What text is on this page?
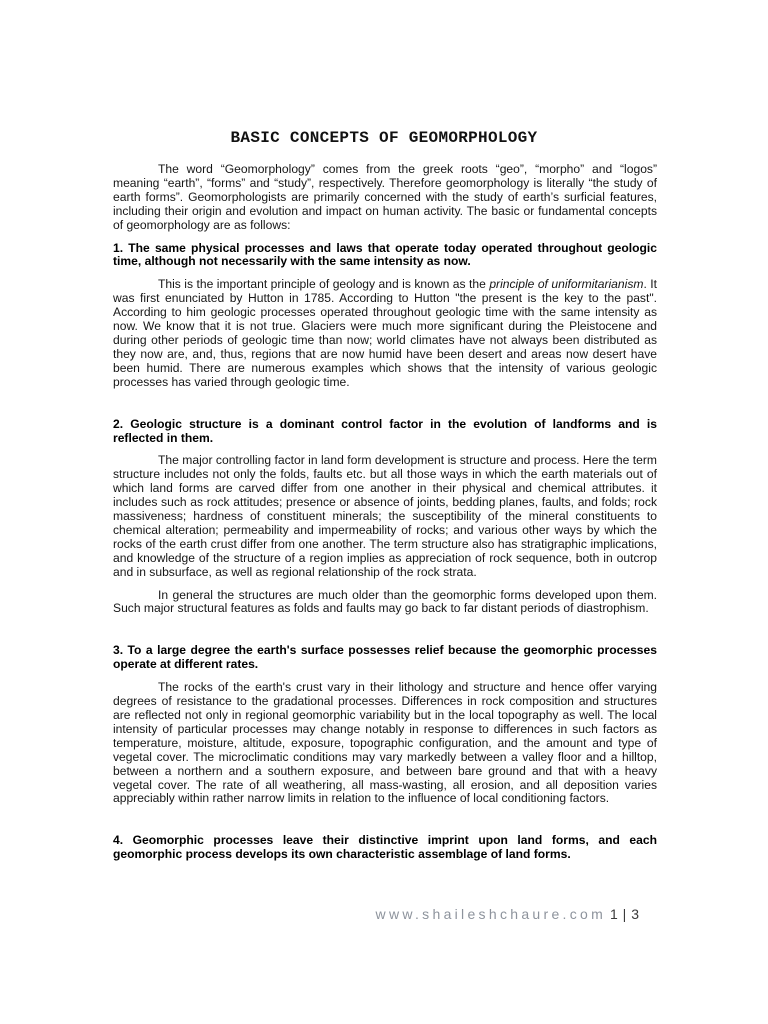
BASIC CONCEPTS OF GEOMORPHOLOGY

The word “Geomorphology” comes from the greek roots “geo”, “morpho” and “logos” meaning “earth”, “forms” and “study”, respectively. Therefore geomorphology is literally “the study of earth forms”. Geomorphologists are primarily concerned with the study of earth’s surficial features, including their origin and evolution and impact on human activity. The basic or fundamental concepts of geomorphology are as follows:

1. The same physical processes and laws that operate today operated throughout geologic time, although not necessarily with the same intensity as now.

This is the important principle of geology and is known as the principle of uniformitarianism. It was first enunciated by Hutton in 1785. According to Hutton "the present is the key to the past". According to him geologic processes operated throughout geologic time with the same intensity as now. We know that it is not true. Glaciers were much more significant during the Pleistocene and during other periods of geologic time than now; world climates have not always been distributed as they now are, and, thus, regions that are now humid have been desert and areas now desert have been humid. There are numerous examples which shows that the intensity of various geologic processes has varied through geologic time.

2. Geologic structure is a dominant control factor in the evolution of landforms and is reflected in them.

The major controlling factor in land form development is structure and process. Here the term structure includes not only the folds, faults etc. but all those ways in which the earth materials out of which land forms are carved differ from one another in their physical and chemical attributes. it includes such as rock attitudes; presence or absence of joints, bedding planes, faults, and folds; rock massiveness; hardness of constituent minerals; the susceptibility of the mineral constituents to chemical alteration; permeability and impermeability of rocks; and various other ways by which the rocks of the earth crust differ from one another. The term structure also has stratigraphic implications, and knowledge of the structure of a region implies as appreciation of rock sequence, both in outcrop and in subsurface, as well as regional relationship of the rock strata.

In general the structures are much older than the geomorphic forms developed upon them. Such major structural features as folds and faults may go back to far distant periods of diastrophism.

3. To a large degree the earth's surface possesses relief because the geomorphic processes operate at different rates.

The rocks of the earth's crust vary in their lithology and structure and hence offer varying degrees of resistance to the gradational processes. Differences in rock composition and structures are reflected not only in regional geomorphic variability but in the local topography as well. The local intensity of particular processes may change notably in response to differences in such factors as temperature, moisture, altitude, exposure, topographic configuration, and the amount and type of vegetal cover. The microclimatic conditions may vary markedly between a valley floor and a hilltop, between a northern and a southern exposure, and between bare ground and that with a heavy vegetal cover. The rate of all weathering, all mass-wasting, all erosion, and all deposition varies appreciably within rather narrow limits in relation to the influence of local conditioning factors.

4. Geomorphic processes leave their distinctive imprint upon land forms, and each geomorphic process develops its own characteristic assemblage of land forms.

www.shaileshchaure.com 1 | 3
